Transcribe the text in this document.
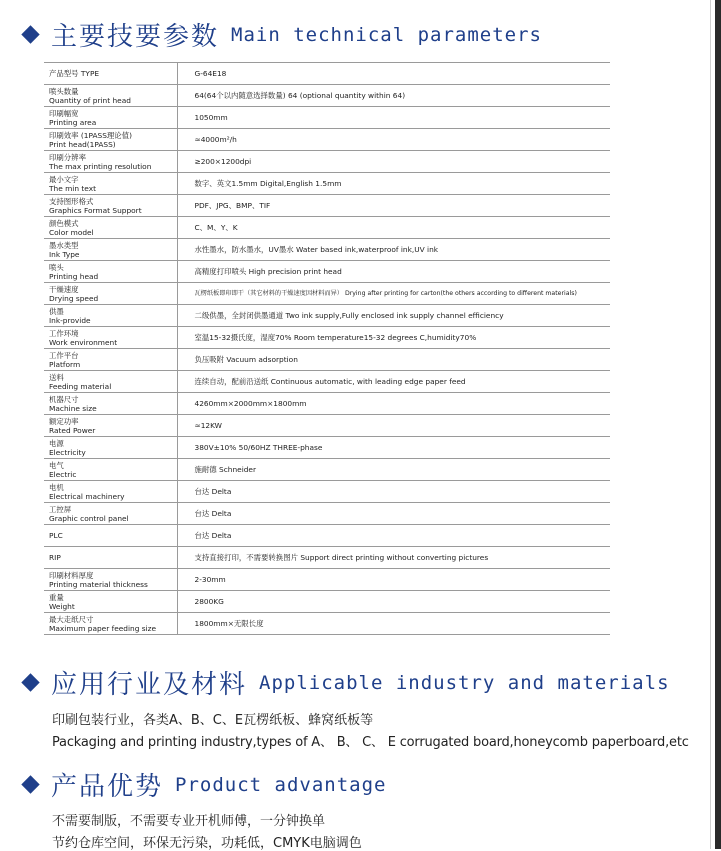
主要技要参数 Main technical parameters
产品型号 TYPE	G-64E18

喷头数量
Quantity of print head	64(64个以内随意选择数量) 64 (optional quantity within 64)

印刷幅宽
Printing area	1050mm

印刷效率 (1PASS理论值)
Print head(1PASS)	≈4000m²/h

印刷分辨率
The max printing resolution	≥200×1200dpi

最小文字
The min text	数字、英文1.5mm Digital,English 1.5mm

支持图形格式
Graphics Format Support	PDF、JPG、BMP、TIF

颜色模式
Color model	C、M、Y、K

墨水类型
Ink Type	水性墨水，防水墨水，UV墨水 Water based ink,waterproof ink,UV ink

喷头
Printing head	高精度打印喷头 High precision print head

干燥速度
Drying speed	瓦楞纸板即印即干（其它材料的干燥速度因材料而异） Drying after printing for carton(the others according to different materials)

供墨
Ink-provide	二级供墨，全封闭供墨通道 Two ink supply,Fully enclosed ink supply channel efficiency

工作环境
Work environment	室温15-32摄氏度，湿度70% Room temperature15-32 degrees C,humidity70%

工作平台
Platform	负压吸附 Vacuum adsorption

送料
Feeding material	连续自动，配前沿送纸 Continuous automatic, with leading edge paper feed

机器尺寸
Machine size	4260mm×2000mm×1800mm

额定功率
Rated Power	≈12KW

电源
Electricity	380V±10% 50/60HZ THREE-phase

电气
Electric	施耐德 Schneider

电机
Electrical machinery	台达 Delta

工控屏
Graphic control panel	台达 Delta

PLC	台达 Delta

RIP	支持直接打印，不需要转换图片 Support direct printing without converting pictures

印刷材料厚度
Printing material thickness	2-30mm

重量
Weight	2800KG

最大走纸尺寸
Maximum paper feeding size	1800mm×无限长度
应用行业及材料 Applicable industry and materials
印刷包装行业，各类A、B、C、E瓦楞纸板、蜂窝纸板等
Packaging and printing industry,types of A、 B、 C、 E corrugated board,honeycomb paperboard,etc
产品优势 Product advantage
不需要制版，不需要专业开机师傅，一分钟换单
节约仓库空间，环保无污染，功耗低，CMYK电脑调色
